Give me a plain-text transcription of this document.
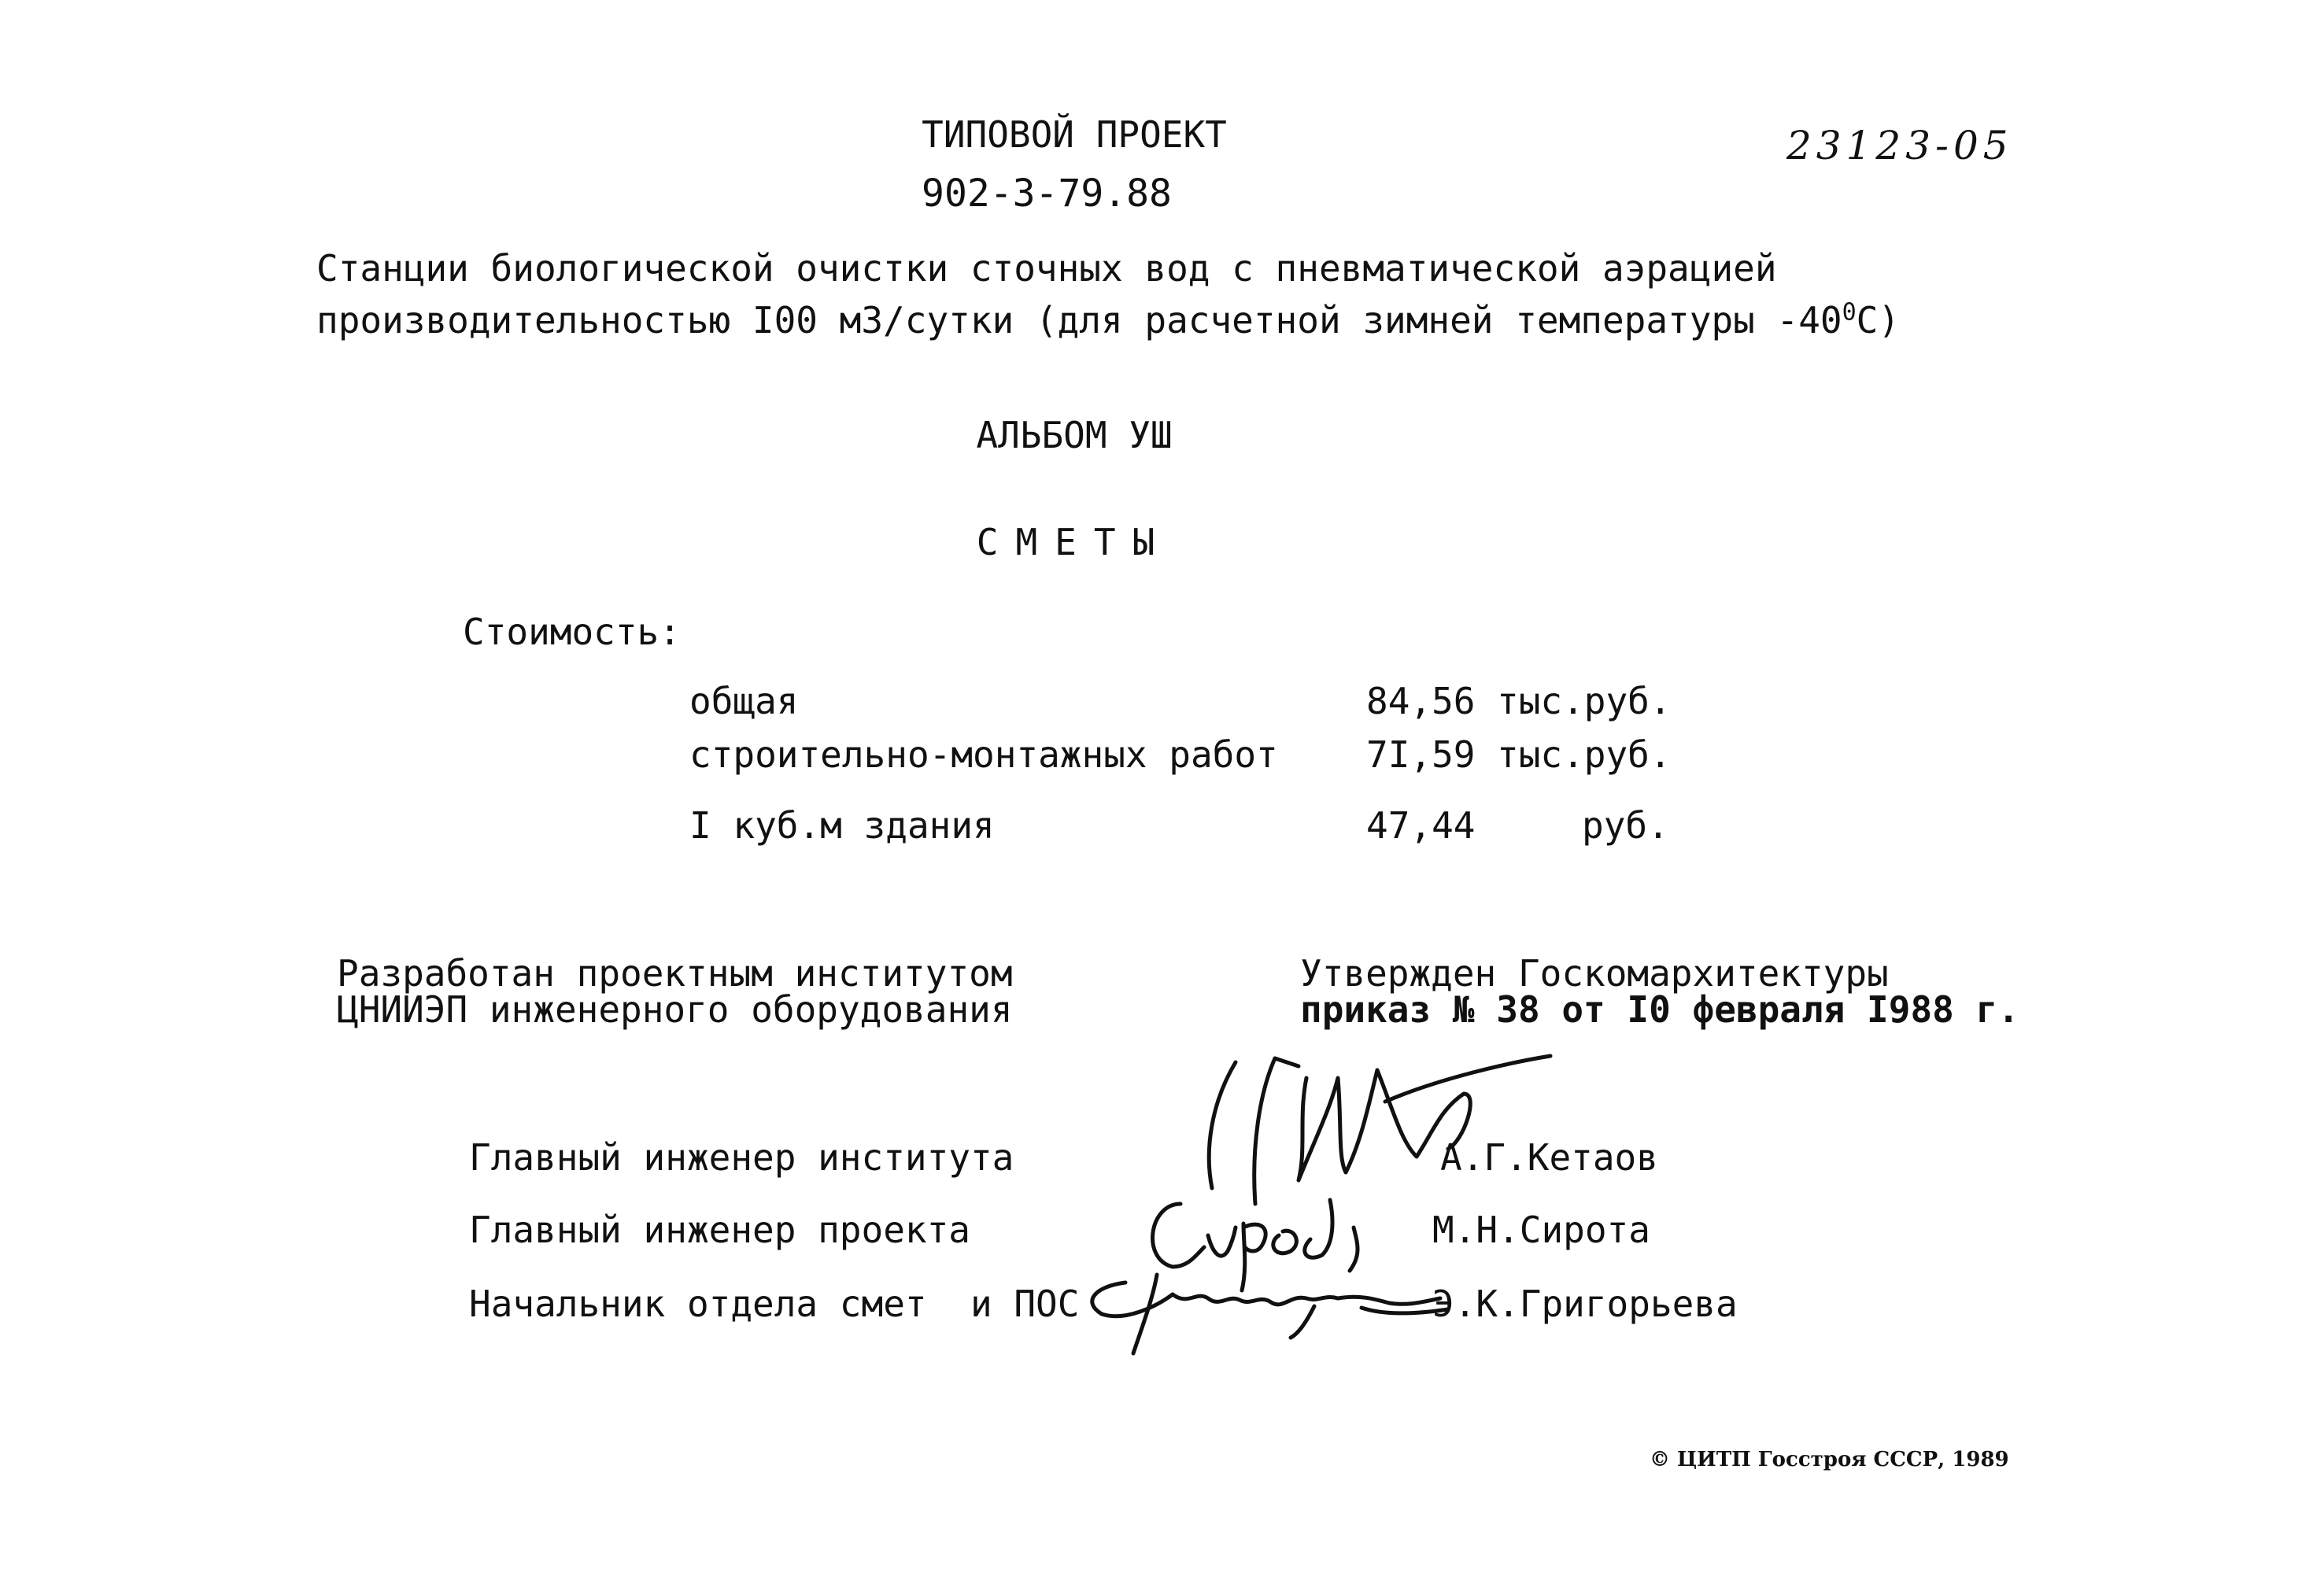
ТИПОВОЙ ПРОЕКТ
902-3-79.88
23123-05
Станции биологической очистки сточных вод с пневматической аэрацией
производительностью I00 м3/сутки (для расчетной зимней температуры $-40^0С$)
АЛЬБОМ УШ
СМЕТЫ
Стоимость:
общая	84,56 тыс.руб.
строительно-монтажных работ 7I,59 тыс.руб.
I куб.м здания	47,44	руб.
Разработан проектным институтом
ЦНИИЭП инженерного оборудования
Утвержден Госкомархитектуры
приказ № 38 от I0 февраля I988 г.
Главный инженер института	А.Г.Кетаов
Главный инженер проекта	М.Н.Сирота
Начальник отдела смет  и ПОС	Э.К.Григорьева
© ЦИТП Госстроя СССР, 1989
